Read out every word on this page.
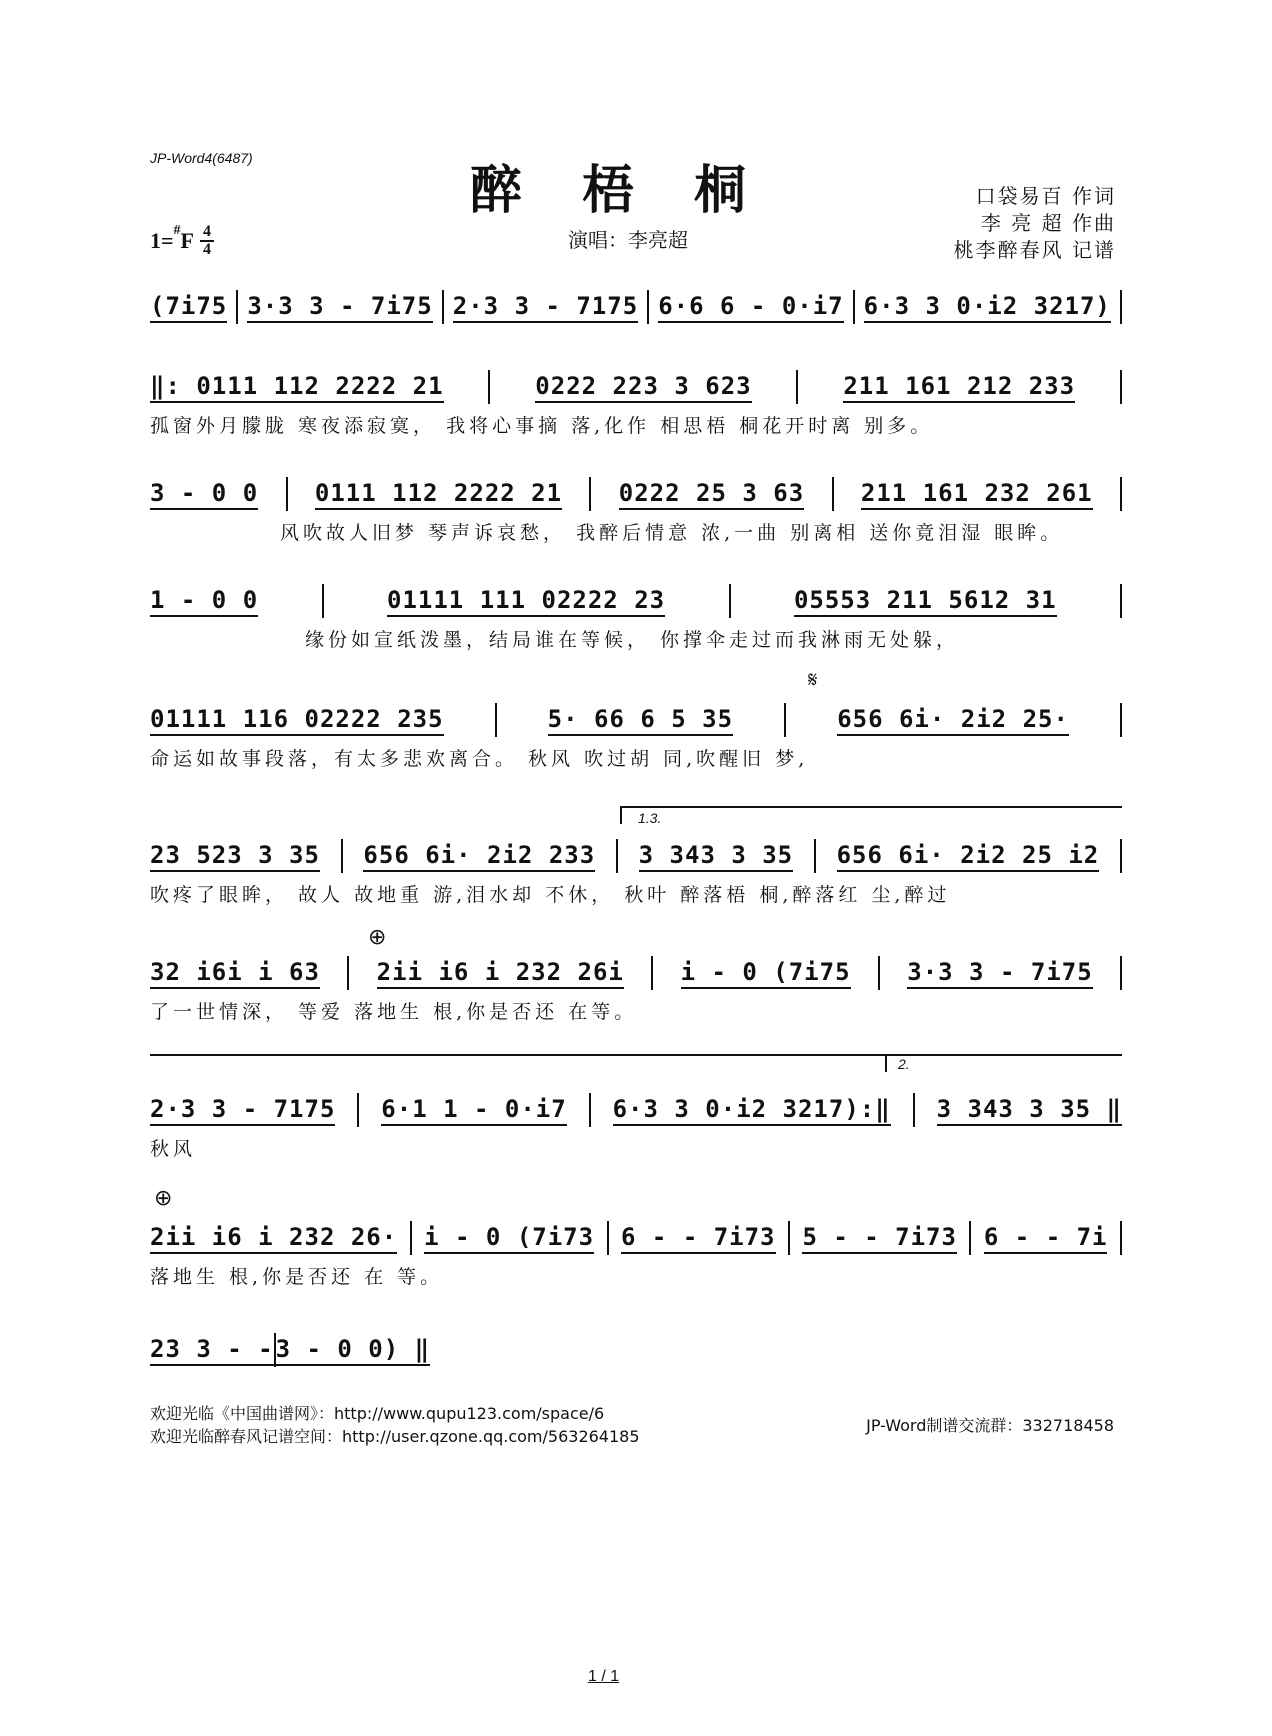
JP-Word4(6487)
醉梧桐	口袋易百 作词
李 亮 超 作曲
桃李醉春风 记谱
1=# F $\frac{4}{4}$	演唱：李亮超
(7i75 3·3 3 - 7i75 2·3 3 - 7175 6·6 6 - 0·i7 6·3 3 0·i2 3217)
‖: 0111 112 2222 21	0222 223 3 623	211 161 212 233
孤窗外月朦胧 寒夜添寂寞， 我将心事摘 落,化作 相思梧 桐花开时离 别多。
3 - 0 0 0111 112 2222 21 0222 25 3 63 211 161 232 261
风吹故人旧梦 琴声诉哀愁， 我醉后情意 浓,一曲 别离相 送你竟泪湿 眼眸。
1 - 0 0	01111 111 02222 23	05553 211 5612 31
缘份如宣纸泼墨，结局谁在等候， 你撑伞走过而我淋雨无处躲，
𝄋
01111 116 02222 235	5· 66 6 5 35	656 6i· 2i2 25·
命运如故事段落，有太多悲欢离合。 秋风 吹过胡 同,吹醒旧 梦,
1.3.
23 523 3 35 656 6i· 2i2 233 3 343 3 35 656 6i· 2i2 25 i2
吹疼了眼眸， 故人 故地重 游,泪水却 不休， 秋叶 醉落梧 桐,醉落红 尘,醉过
⊕
32 i6i i 63 2ii i6 i 232 26i i - 0 (7i75 3·3 3 - 7i75
了一世情深， 等爱 落地生 根,你是否还 在等。
2.
2·3 3 - 7175 6·1 1 - 0·i7 6·3 3 0·i2 3217):‖ 3 343 3 35 ‖
秋风
⊕
2ii i6 i 232 26· i - 0 (7i73 6 - - 7i73 5 - - 7i73 6 - - 7i
落地生 根,你是否还 在 等。
23 3 - - 3 - 0 0) ‖
欢迎光临《中国曲谱网》：http://www.qupu123.com/space/6
欢迎光临醉春风记谱空间：http://user.qzone.qq.com/563264185
JP-Word制谱交流群：332718458
1 / 1
